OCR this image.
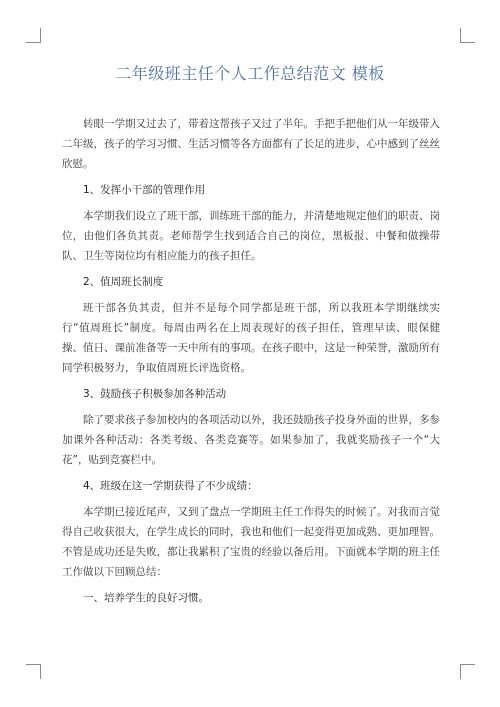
二年级班主任个人工作总结范文 模板

转眼一学期又过去了，带着这帮孩子又过了半年。手把手把他们从一年级带入二年级，孩子的学习习惯、生活习惯等各方面都有了长足的进步，心中感到了丝丝欣慰。

1、发挥小干部的管理作用

本学期我们设立了班干部，训练班干部的能力，并清楚地规定他们的职责、岗位，由他们各负其责。老师帮学生找到适合自己的岗位，黑板报、中餐和做操带队、卫生等岗位均有相应能力的孩子担任。

2、值周班长制度

班干部各负其责，但并不是每个同学都是班干部，所以我班本学期继续实行“值周班长”制度。每周由两名在上周表现好的孩子担任，管理早读、眼保健操、值日、课前准备等一天中所有的事项。在孩子眼中，这是一种荣誉，激励所有同学积极努力，争取值周班长评选资格。

3、鼓励孩子积极参加各种活动

除了要求孩子参加校内的各项活动以外，我还鼓励孩子投身外面的世界，多参加课外各种活动：各类考级、各类竞赛等。如果参加了，我就奖励孩子一个“大花”，贴到竞赛栏中。

4、班级在这一学期获得了不少成绩：

本学期已接近尾声，又到了盘点一学期班主任工作得失的时候了。对我而言觉得自己收获很大，在学生成长的同时，我也和他们一起变得更加成熟、更加理智。不管是成功还是失败，都让我累积了宝贵的经验以备后用。下面就本学期的班主任工作做以下回顾总结：

一、培养学生的良好习惯。
